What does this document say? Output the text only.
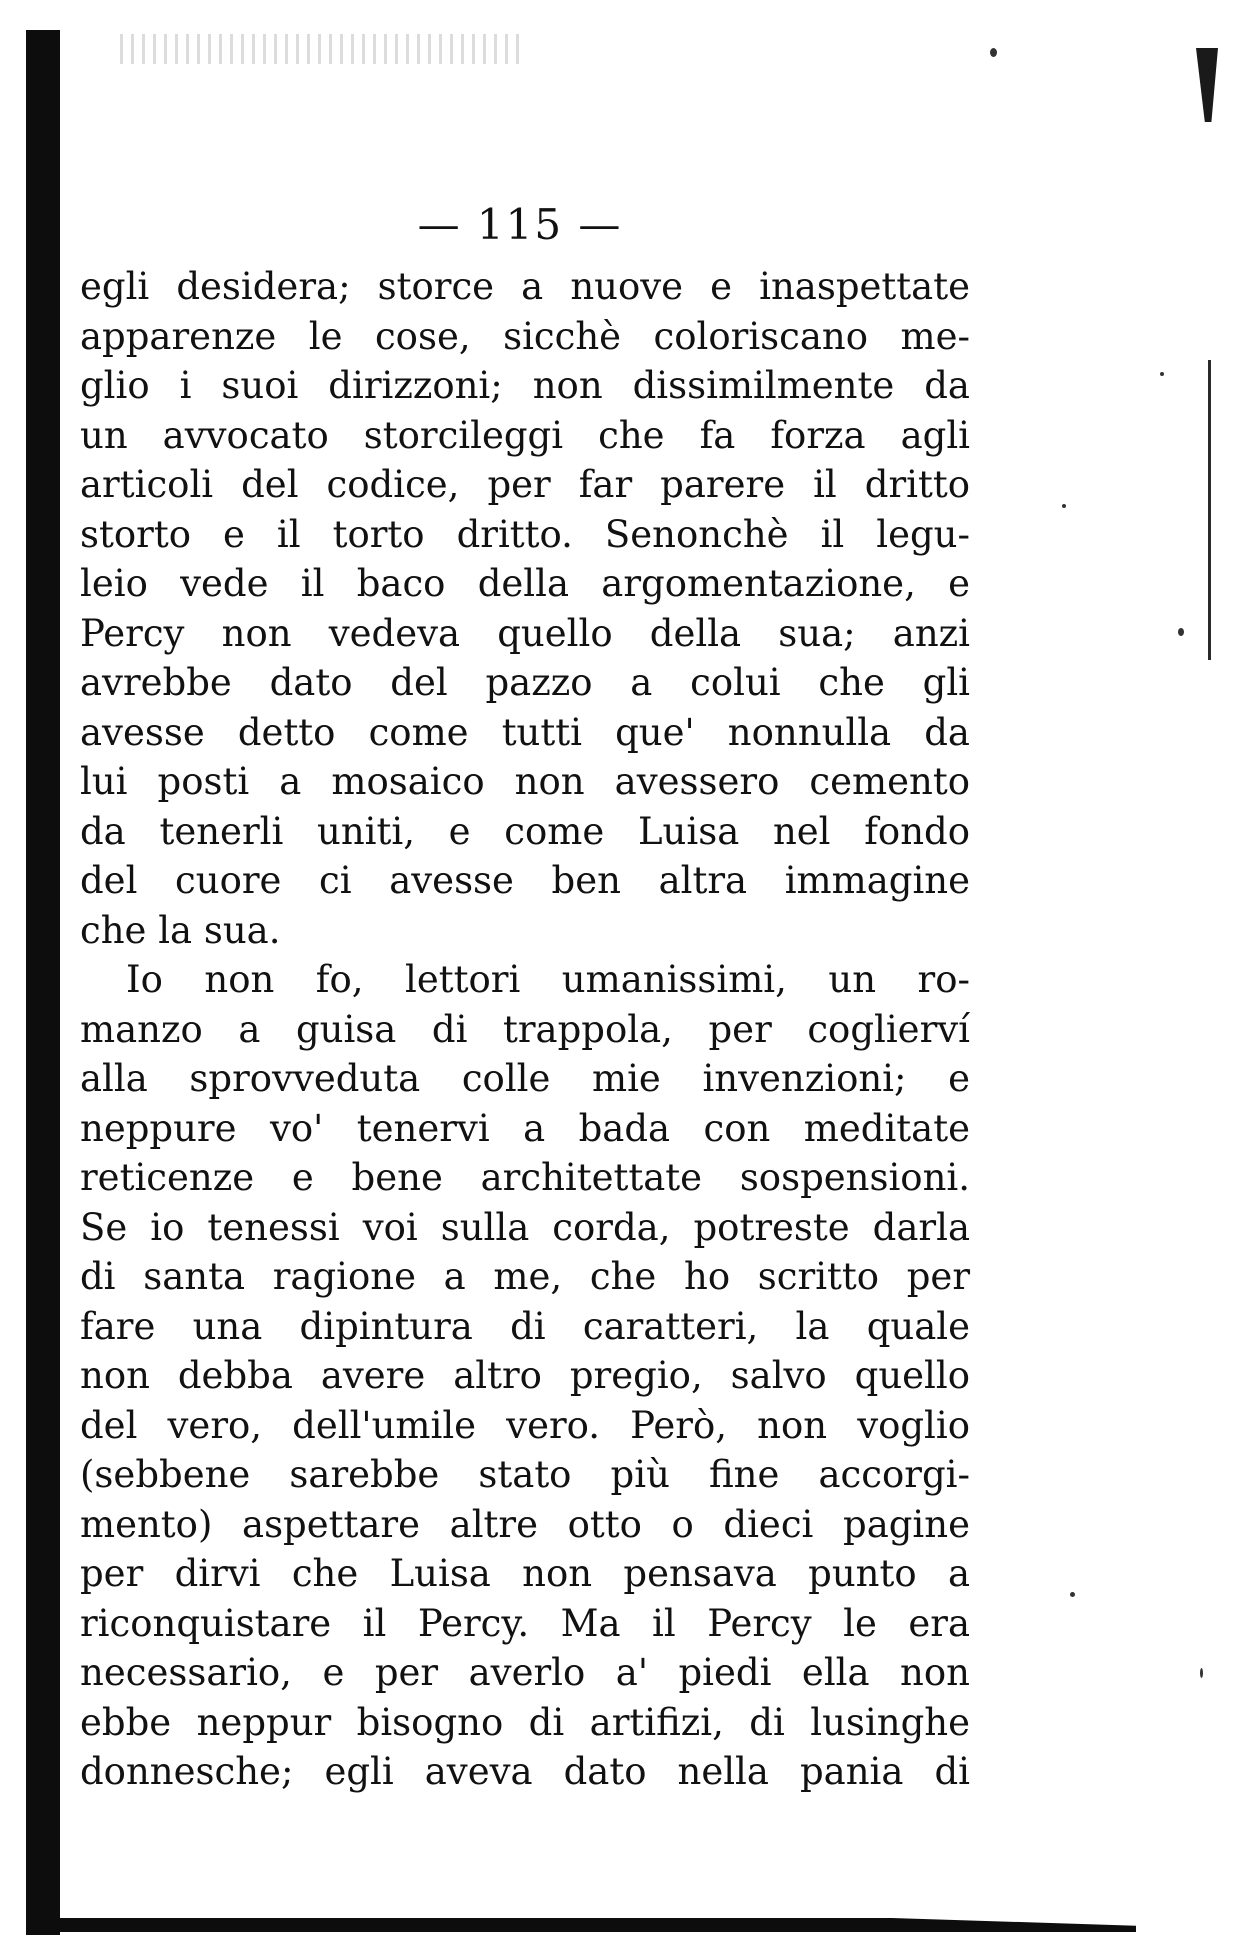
— 115 —
egli desidera; storce a nuove e inaspettate
apparenze le cose, sicchè coloriscano me-
glio i suoi dirizzoni; non dissimilmente da
un avvocato storcileggi che fa forza agli
articoli del codice, per far parere il dritto
storto e il torto dritto. Senonchè il legu-
leio vede il baco della argomentazione, e
Percy non vedeva quello della sua; anzi
avrebbe dato del pazzo a colui che gli
avesse detto come tutti que' nonnulla da
lui posti a mosaico non avessero cemento
da tenerli uniti, e come Luisa nel fondo
del cuore ci avesse ben altra immagine
che la sua.
Io non fo, lettori umanissimi, un ro-
manzo a guisa di trappola, per coglierví
alla sprovveduta colle mie invenzioni; e
neppure vo' tenervi a bada con meditate
reticenze e bene architettate sospensioni.
Se io tenessi voi sulla corda, potreste darla
di santa ragione a me, che ho scritto per
fare una dipintura di caratteri, la quale
non debba avere altro pregio, salvo quello
del vero, dell'umile vero. Però, non voglio
(sebbene sarebbe stato più fine accorgi-
mento) aspettare altre otto o dieci pagine
per dirvi che Luisa non pensava punto a
riconquistare il Percy. Ma il Percy le era
necessario, e per averlo a' piedi ella non
ebbe neppur bisogno di artifizi, di lusinghe
donnesche; egli aveva dato nella pania di
